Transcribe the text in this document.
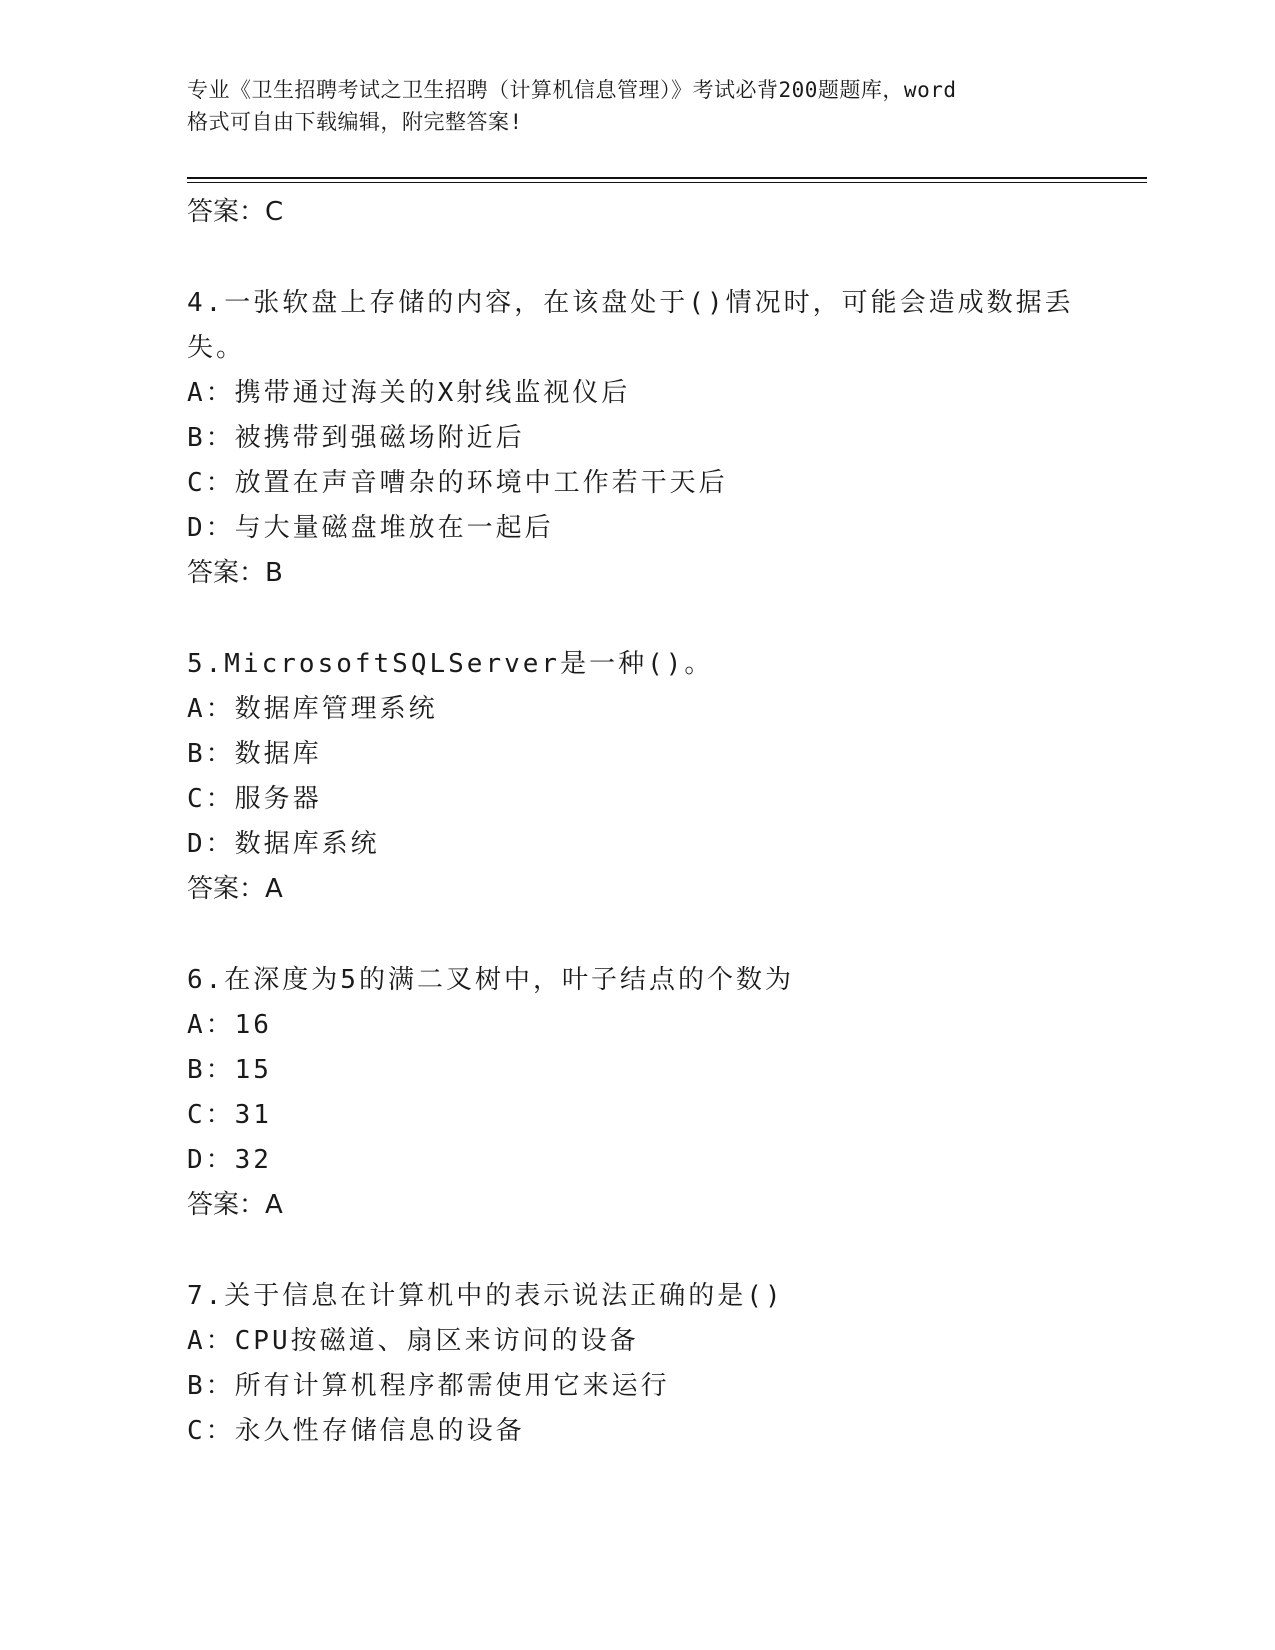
专业《卫生招聘考试之卫生招聘（计算机信息管理）》考试必背200题题库，word
格式可自由下载编辑，附完整答案!

答案：C

4.一张软盘上存储的内容，在该盘处于()情况时，可能会造成数据丢失。

A：携带通过海关的X射线监视仪后

B：被携带到强磁场附近后

C：放置在声音嘈杂的环境中工作若干天后

D：与大量磁盘堆放在一起后

答案：B

5.MicrosoftSQLServer是一种()。

A：数据库管理系统

B：数据库

C：服务器

D：数据库系统

答案：A

6.在深度为5的满二叉树中，叶子结点的个数为

A：16

B：15

C：31

D：32

答案：A

7.关于信息在计算机中的表示说法正确的是()

A：CPU按磁道、扇区来访问的设备

B：所有计算机程序都需使用它来运行

C：永久性存储信息的设备
